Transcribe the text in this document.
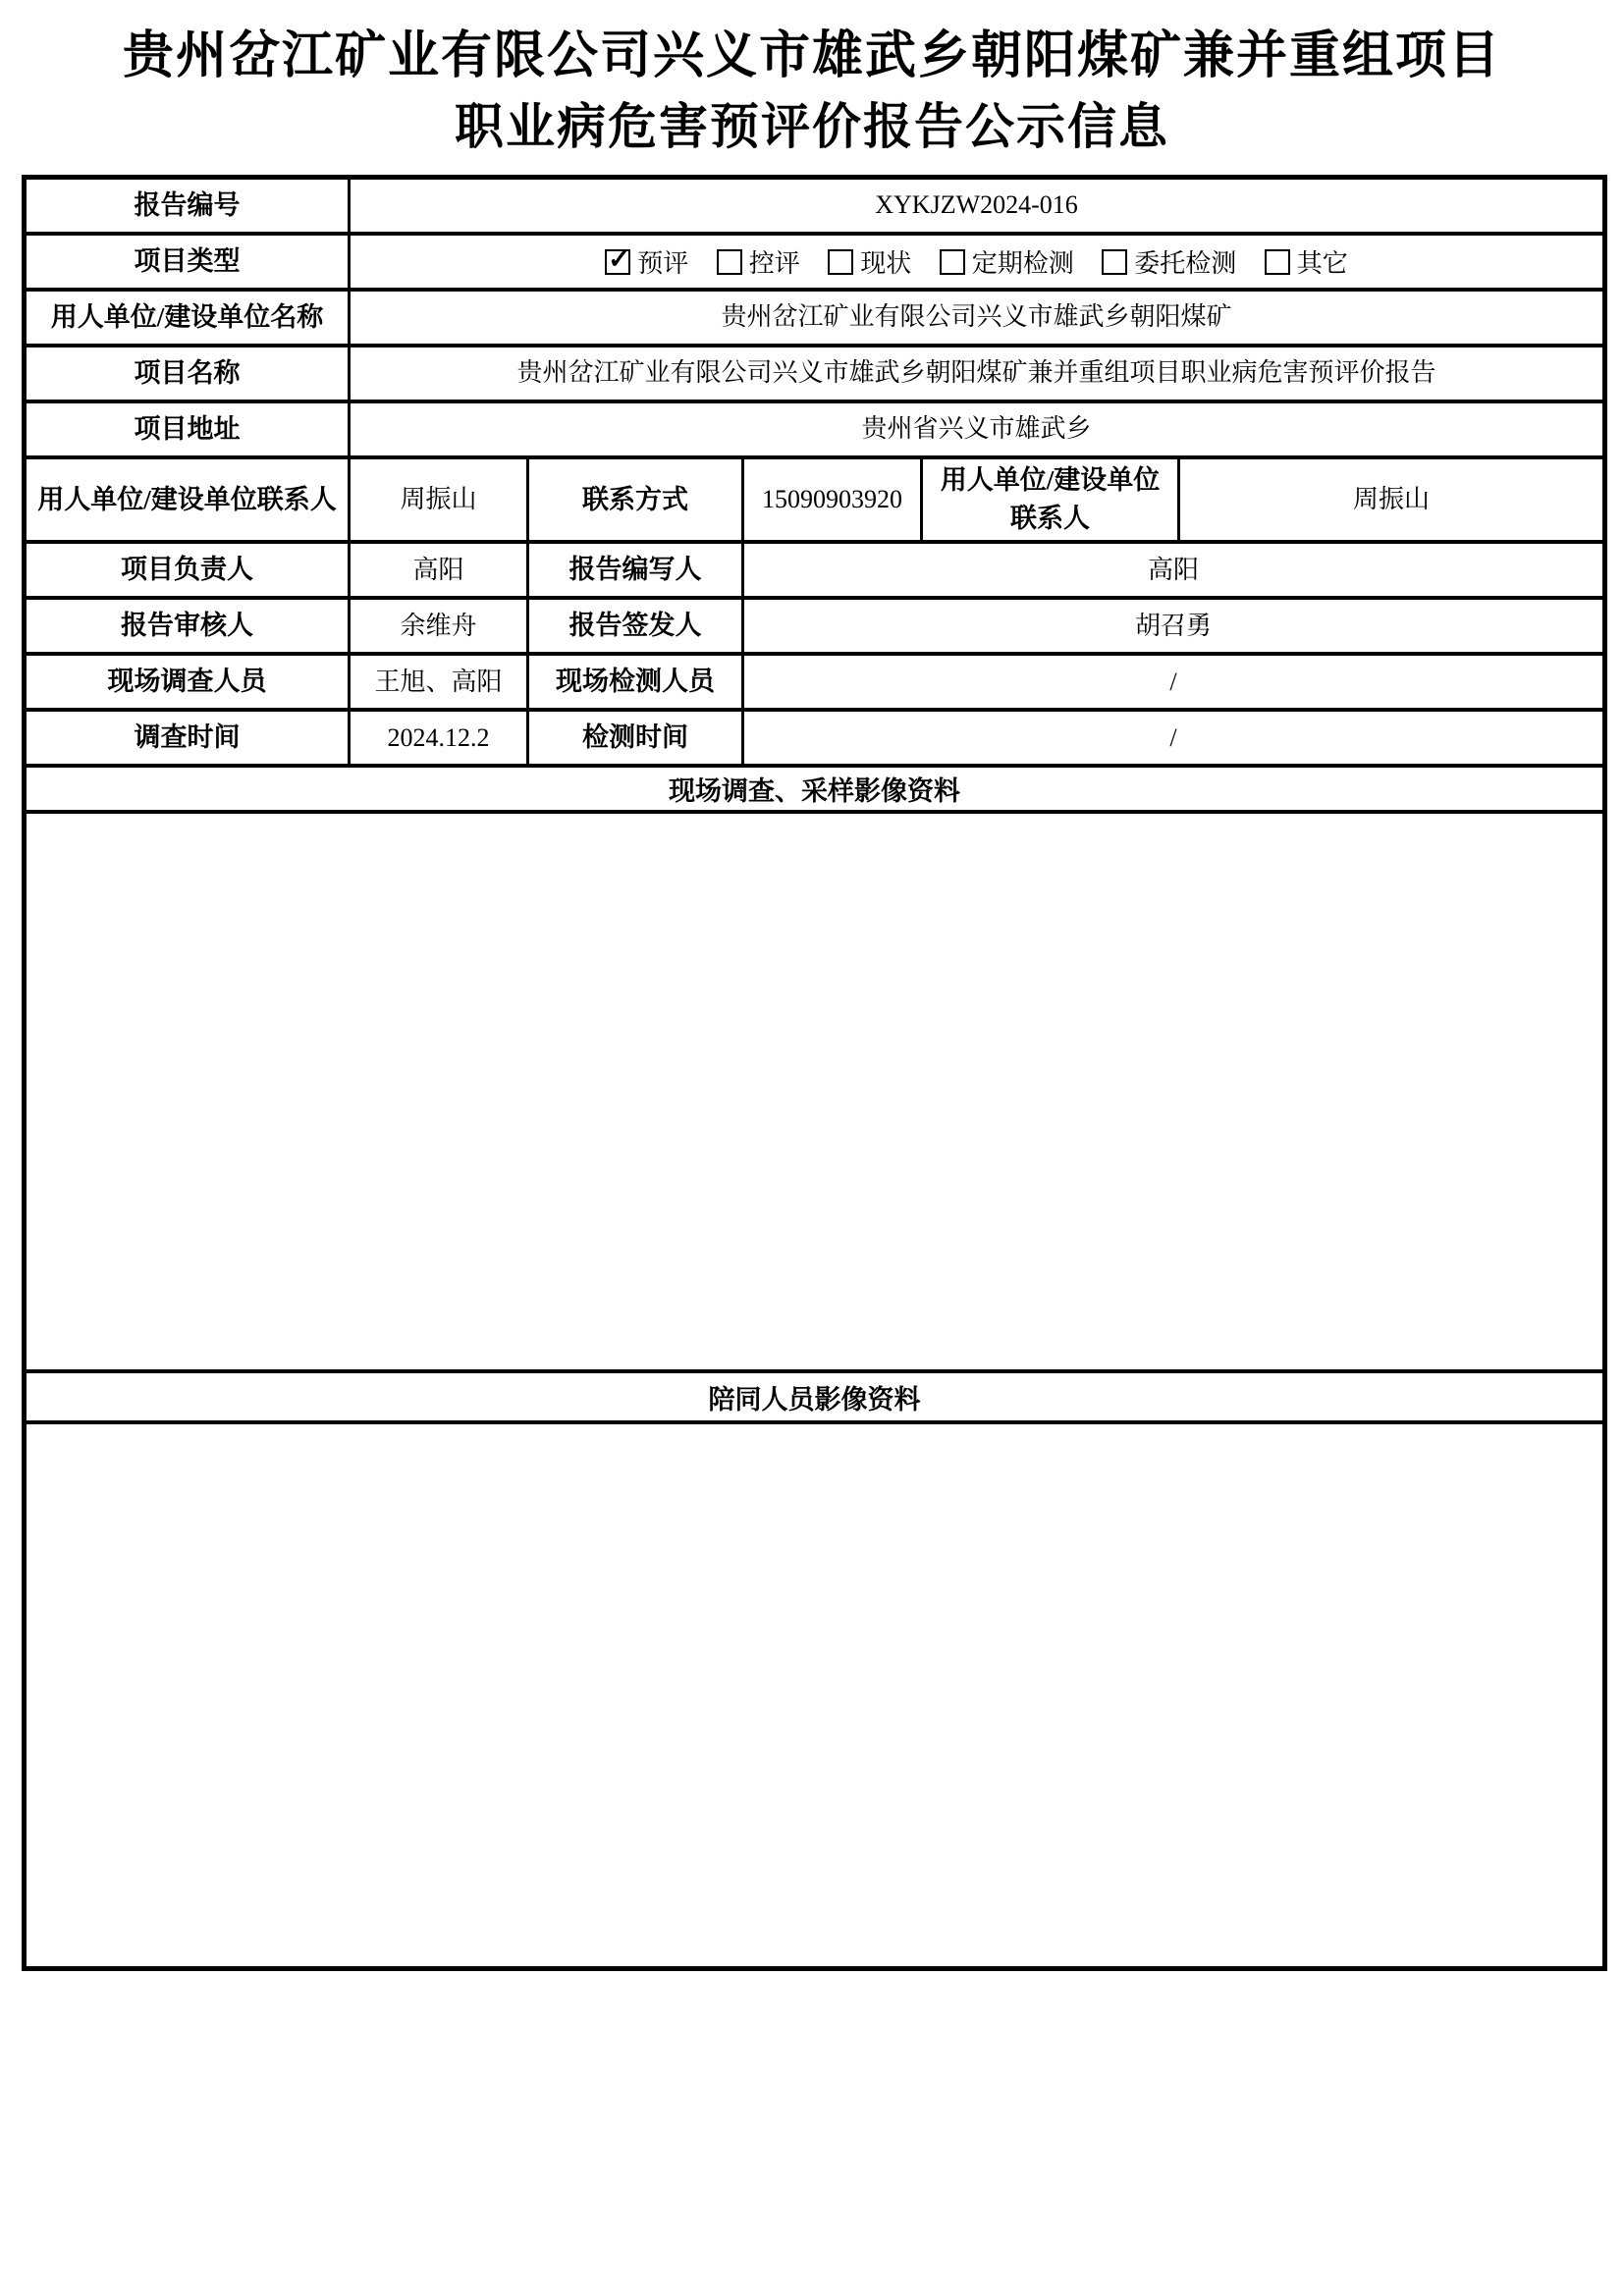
贵州岔江矿业有限公司兴义市雄武乡朝阳煤矿兼并重组项目
职业病危害预评价报告公示信息
报告编号	XYKJZW2024-016				
项目类型	✓预评 控评 现状 定期检测 委托检测 其它
用人单位/建设单位名称	贵州岔江矿业有限公司兴义市雄武乡朝阳煤矿				
项目名称	贵州岔江矿业有限公司兴义市雄武乡朝阳煤矿兼并重组项目职业病危害预评价报告				
项目地址	贵州省兴义市雄武乡				
用人单位/建设单位联系人	周振山	联系方式	15090903920	用人单位/建设单位 联系人	周振山
项目负责人	高阳	报告编写人	高阳		
报告审核人	余维舟	报告签发人	胡召勇		
现场调查人员	王旭、高阳	现场检测人员	/		
调查时间	2024.12.2	检测时间	/		
现场调查、采样影像资料					

陪同人员影像资料					
